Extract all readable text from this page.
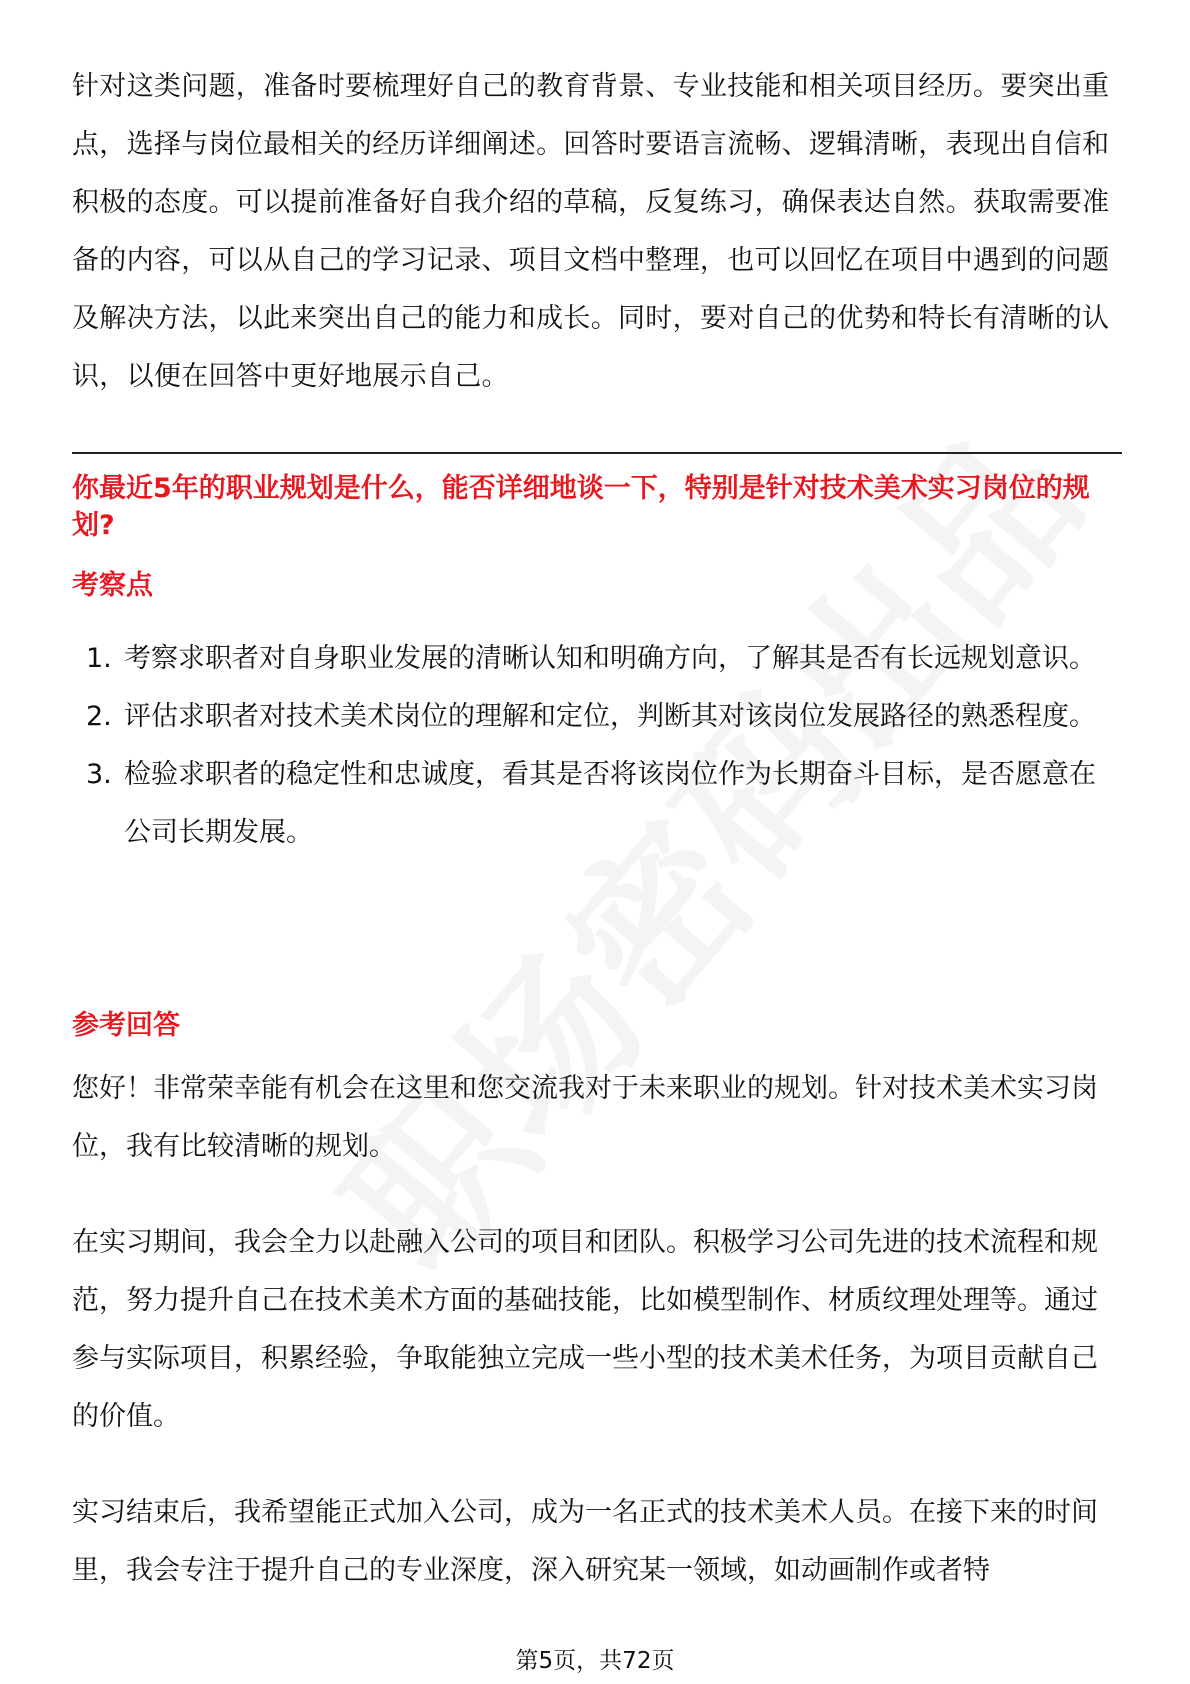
针对这类问题，准备时要梳理好自己的教育背景、专业技能和相关项目经历。要突出重点，选择与岗位最相关的经历详细阐述。回答时要语言流畅、逻辑清晰，表现出自信和积极的态度。可以提前准备好自我介绍的草稿，反复练习，确保表达自然。获取需要准备的内容，可以从自己的学习记录、项目文档中整理，也可以回忆在项目中遇到的问题及解决方法，以此来突出自己的能力和成长。同时，要对自己的优势和特长有清晰的认识，以便在回答中更好地展示自己。

你最近5年的职业规划是什么，能否详细地谈一下，特别是针对技术美术实习岗位的规划?

考察点

1. 考察求职者对自身职业发展的清晰认知和明确方向，了解其是否有长远规划意识。
2. 评估求职者对技术美术岗位的理解和定位，判断其对该岗位发展路径的熟悉程度。
3. 检验求职者的稳定性和忠诚度，看其是否将该岗位作为长期奋斗目标，是否愿意在公司长期发展。

参考回答

您好！非常荣幸能有机会在这里和您交流我对于未来职业的规划。针对技术美术实习岗位，我有比较清晰的规划。

在实习期间，我会全力以赴融入公司的项目和团队。积极学习公司先进的技术流程和规范，努力提升自己在技术美术方面的基础技能，比如模型制作、材质纹理处理等。通过参与实际项目，积累经验，争取能独立完成一些小型的技术美术任务，为项目贡献自己的价值。

实习结束后，我希望能正式加入公司，成为一名正式的技术美术人员。在接下来的时间里，我会专注于提升自己的专业深度，深入研究某一领域，如动画制作或者特

第5页，共72页
